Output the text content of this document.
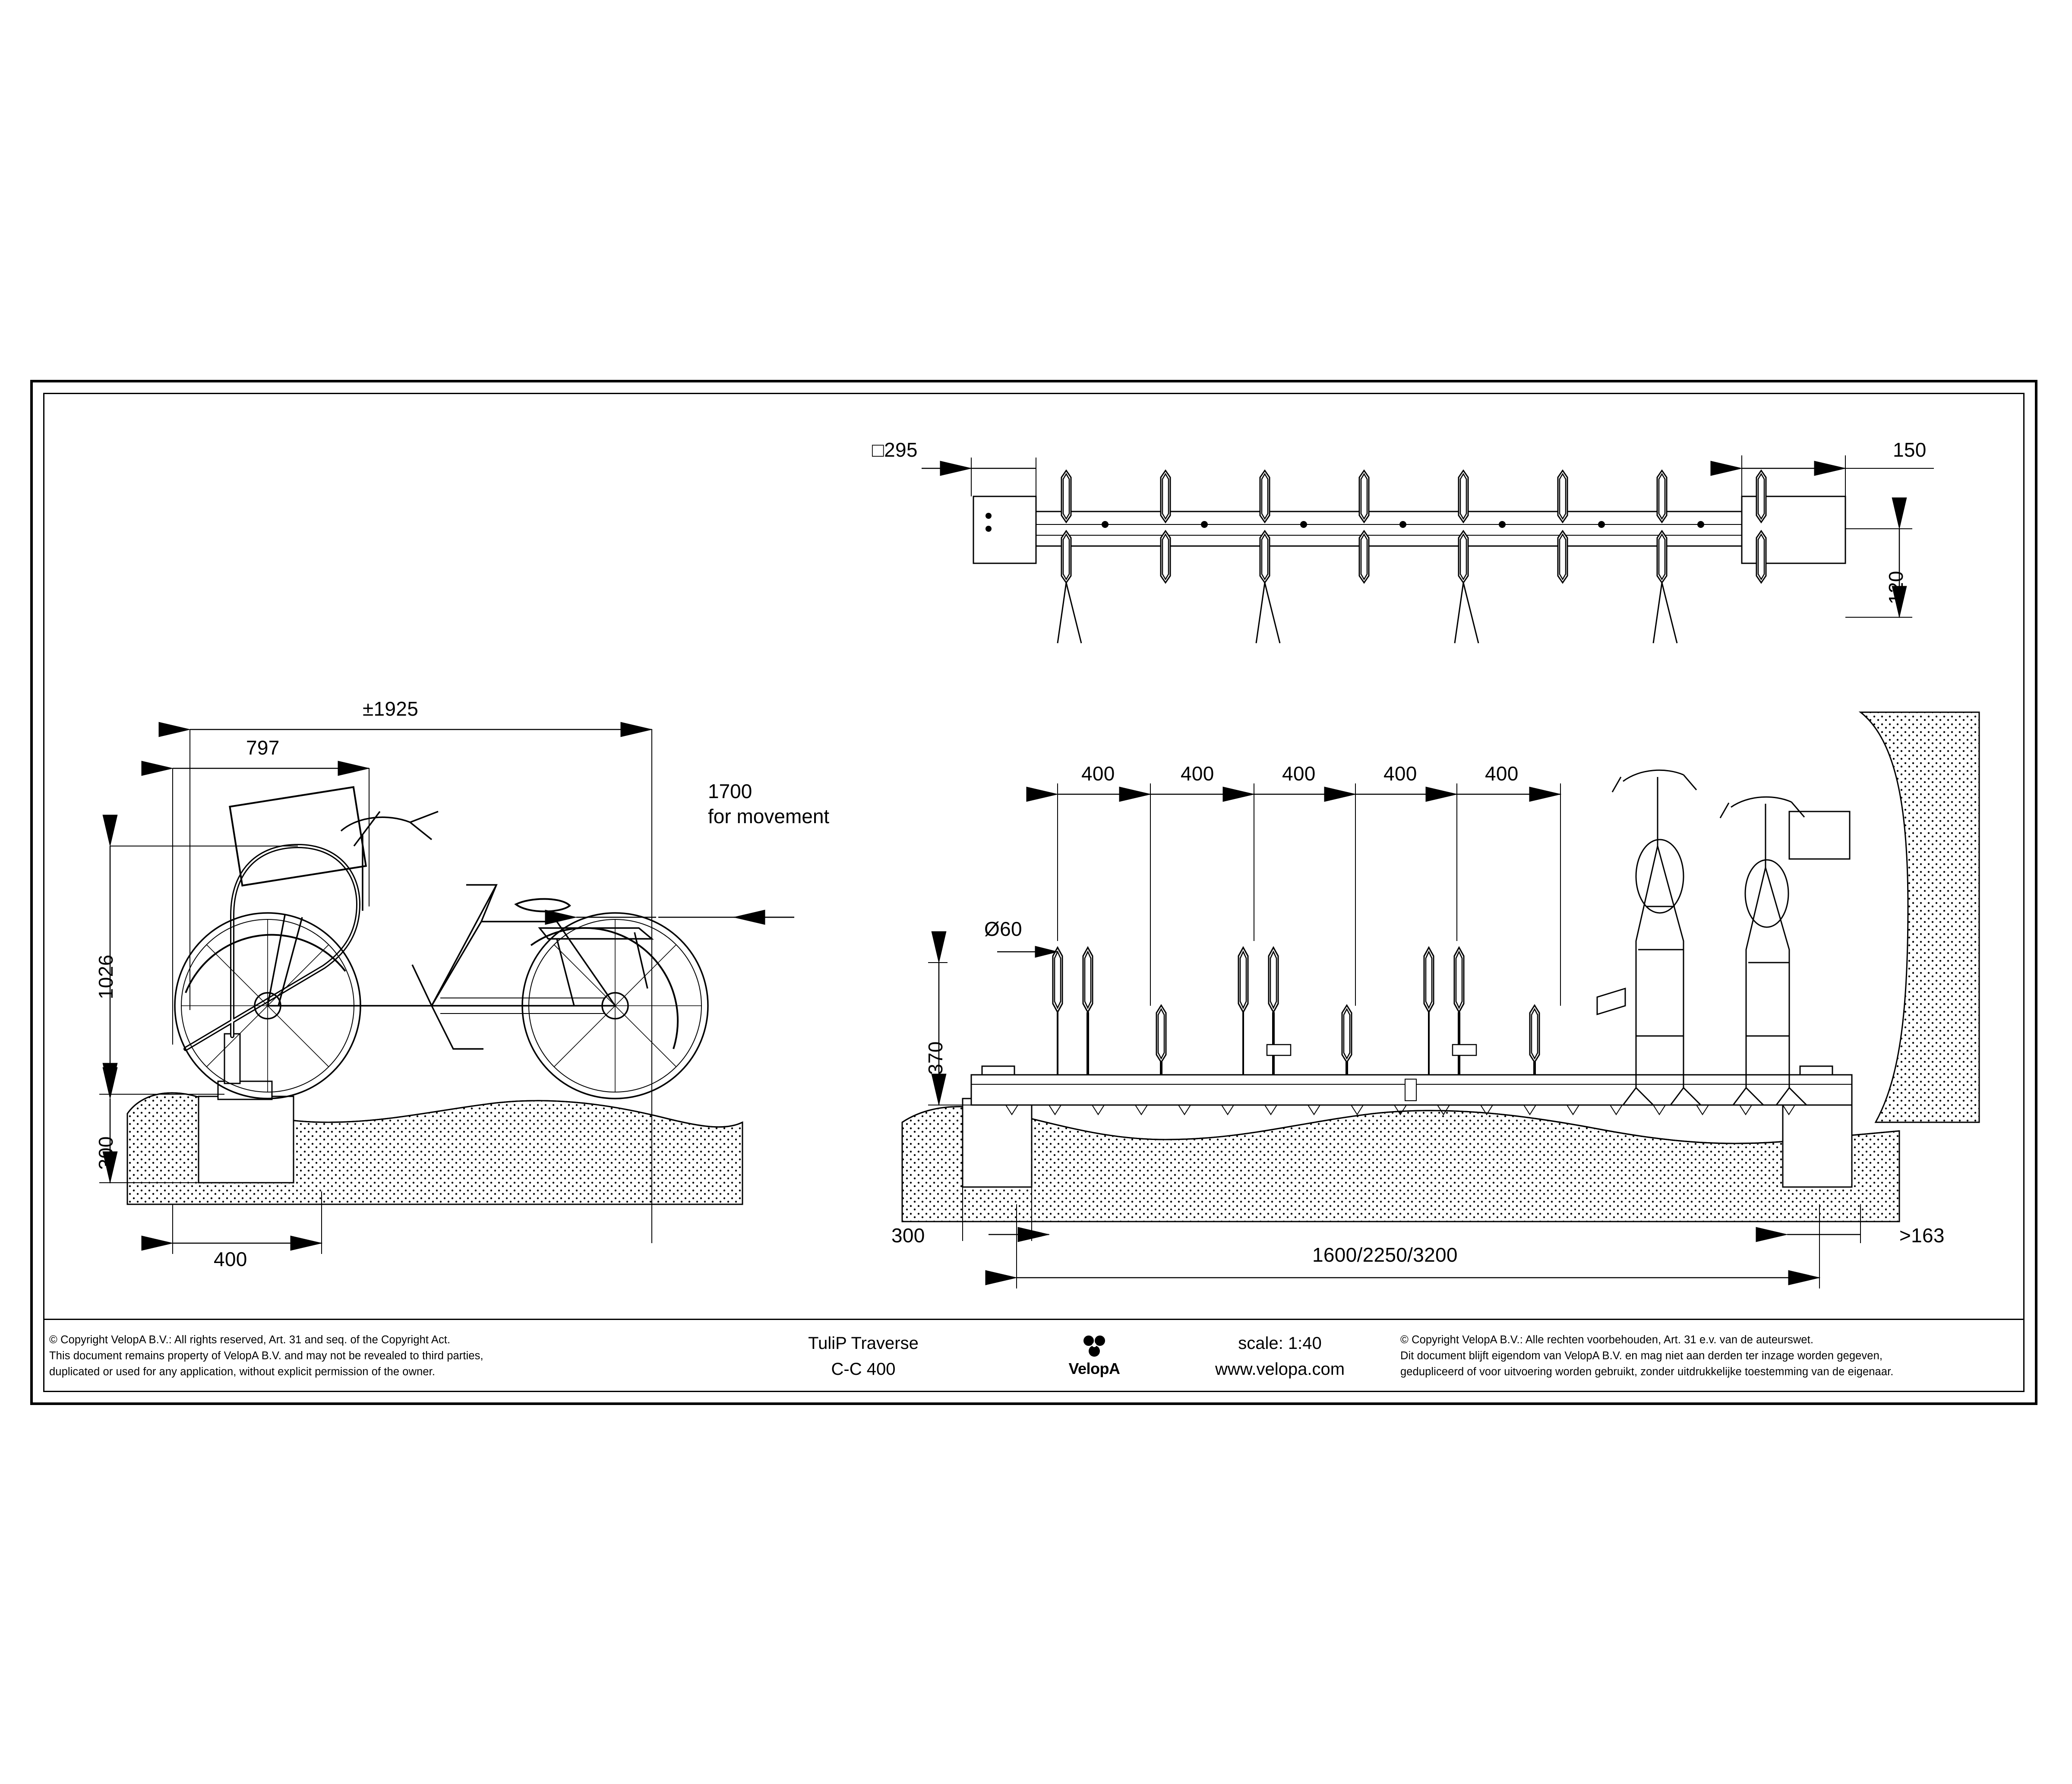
±1925
797
1026
300
400
1700
for movement
□295	150
120
400	400	400	400	400
Ø60
370
300
1600/2250/3200
>163
© Copyright VelopA B.V.: All rights reserved, Art. 31 and seq. of the Copyright Act.
This document remains property of VelopA B.V. and may not be revealed to third parties,
duplicated or used for any application, without explicit permission of the owner.
TuliP Traverse
C-C 400	VelopA
scale: 1:40
www.velopa.com
© Copyright VelopA B.V.: Alle rechten voorbehouden, Art. 31 e.v. van de auteurswet.
Dit document blijft eigendom van VelopA B.V. en mag niet aan derden ter inzage worden gegeven,
gedupliceerd of voor uitvoering worden gebruikt, zonder uitdrukkelijke toestemming van de eigenaar.
